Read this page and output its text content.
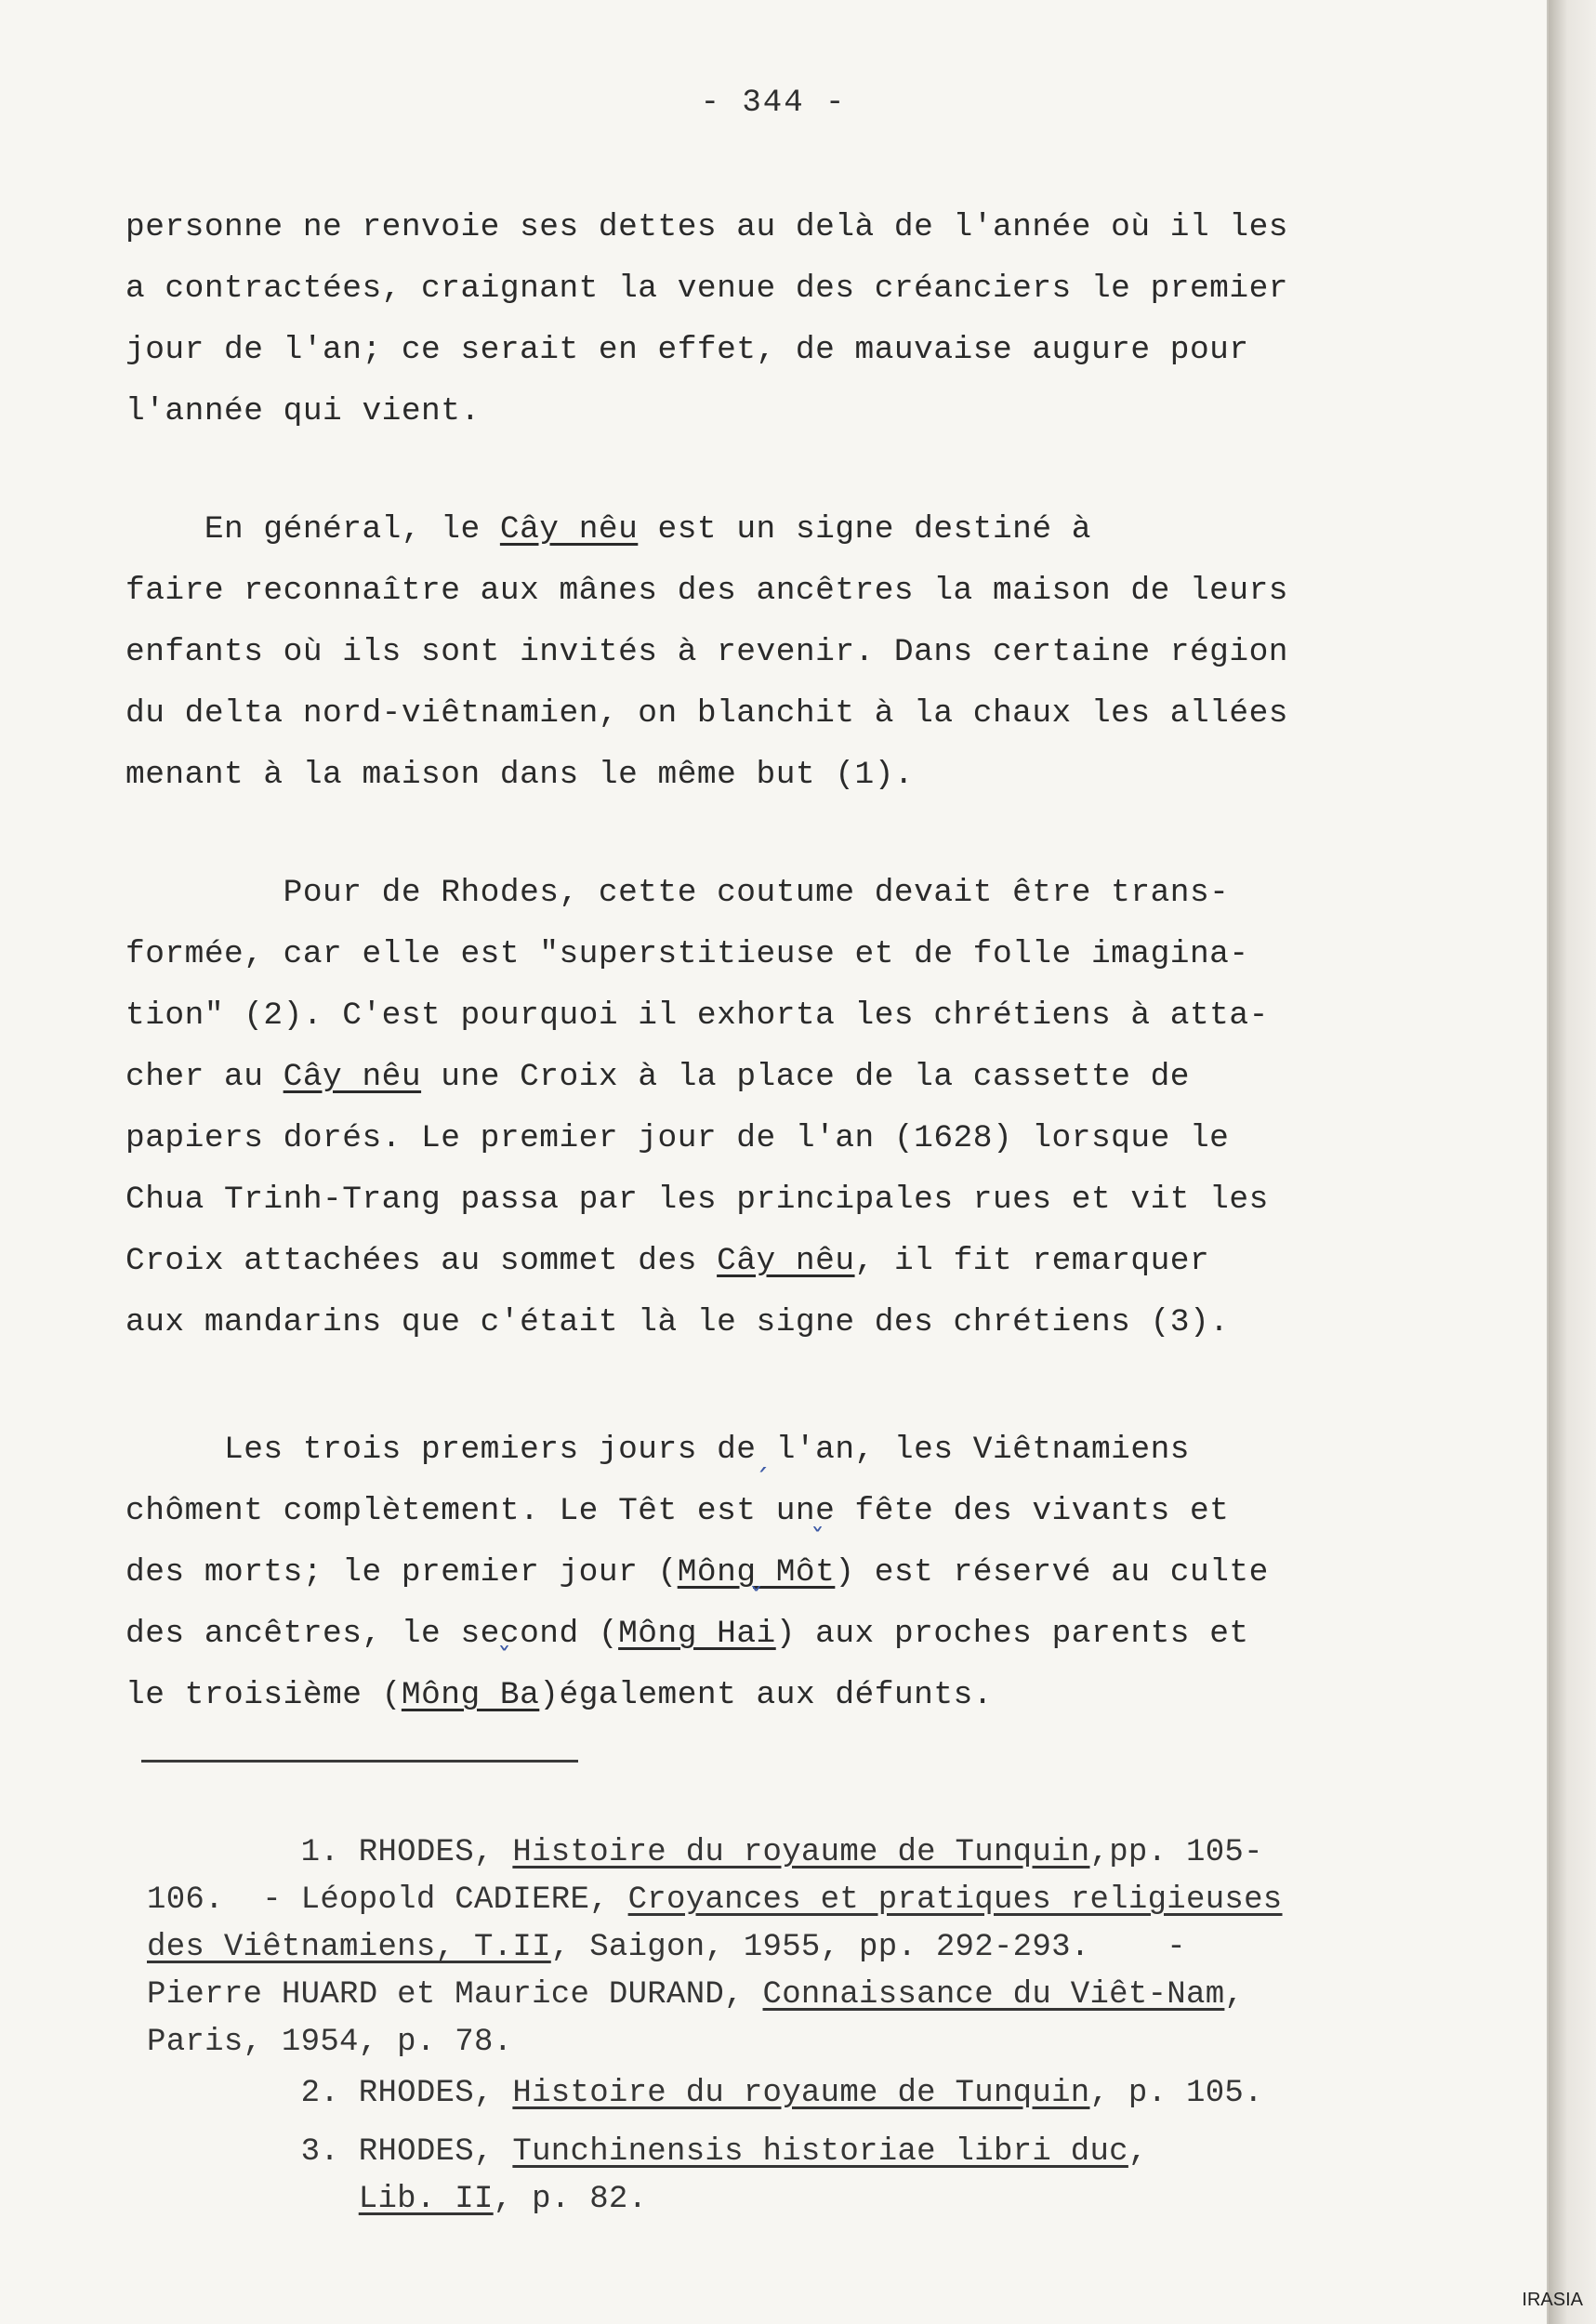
- 344 -
personne ne renvoie ses dettes au delà de l'année où il les
a contractées, craignant la venue des créanciers le premier
jour de l'an; ce serait en effet, de mauvaise augure pour
l'année qui vient.
En général, le Cây nêu est un signe destiné à
faire reconnaître aux mânes des ancêtres la maison de leurs
enfants où ils sont invités à revenir. Dans certaine région
du delta nord-viêtnamien, on blanchit à la chaux les allées
menant à la maison dans le même but (1).
Pour de Rhodes, cette coutume devait être trans-
formée, car elle est "superstitieuse et de folle imagina-
tion" (2). C'est pourquoi il exhorta les chrétiens à atta-
cher au Cây nêu une Croix à la place de la cassette de
papiers dorés. Le premier jour de l'an (1628) lorsque le
Chua Trinh-Trang passa par les principales rues et vit les
Croix attachées au sommet des Cây nêu, il fit remarquer
aux mandarins que c'était là le signe des chrétiens (3).
Les trois premiers jours de l'an, les Viêtnamiens
chôment complètement. Le Têt est une fête des vivants et
des morts; le premier jour (Mông Môt) est réservé au culte
des ancêtres, le second (Mông Hai) aux proches parents et
le troisième (Mông Ba)également aux défunts.
ˊ
ˇ
ˇ
ˇ
1. RHODES, Histoire du royaume de Tunquin,pp. 105-
106.  - Léopold CADIERE, Croyances et pratiques religieuses
des Viêtnamiens, T.II, Saigon, 1955, pp. 292-293.    -
Pierre HUARD et Maurice DURAND, Connaissance du Viêt-Nam,
Paris, 1954, p. 78.
2. RHODES, Histoire du royaume de Tunquin, p. 105.
3. RHODES, Tunchinensis historiae libri duc,
Lib. II, p. 82.
IRASIA
